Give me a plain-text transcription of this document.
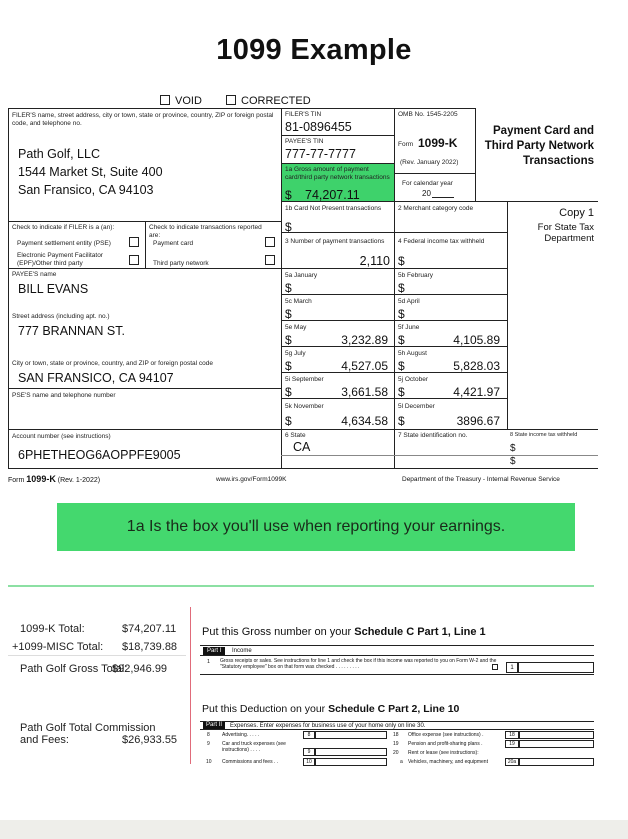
1099 Example
VOID	CORRECTED
FILER'S name, street address, city or town, state or province, country, ZIP or foreign postal code, and telephone no.
Path Golf, LLC
1544 Market St, Suite 400
San Fransico, CA 94103
FILER'S TIN
81-0896455
PAYEE'S TIN
777-77-7777
1a Gross amount of payment card/third party network transactions
$ 74,207.11
OMB No. 1545-2205
Form 1099-K
(Rev. January 2022)
For calendar year
20
Payment Card and Third Party Network Transactions
Copy 1
For State Tax Department
Check to indicate if FILER is a (an):
Payment settlement entity (PSE)
Electronic Payment Facilitator (EPF)/Other third party
Check to indicate transactions reported are:
Payment card
Third party network
1b Card Not Present transactions
$
2 Merchant category code
3 Number of payment transactions
2,110
4 Federal income tax withheld
$
PAYEE'S name
BILL EVANS
Street address (including apt. no.)
777 BRANNAN ST.
City or town, state or province, country, and ZIP or foreign postal code
SAN FRANSICO, CA 94107
PSE'S name and telephone number
Account number (see instructions)
6PHETHEOG6AOPPFE9005
5a January
$
5b February
$
5c March
$
5d April
$
5e May
$	3,232.89
5f June
$	4,105.89
5g July
$	4,527.05
5h August
$	5,828.03
5i September
$	3,661.58
5j October
$	4,421.97
5k November
$	4,634.58
5l December
$	3896.67
6 State
CA
7 State identification no.	8 State income tax withheld
$
$
Form 1099-K (Rev. 1-2022)	www.irs.gov/Form1099K	Department of the Treasury - Internal Revenue Service
1a Is the box you'll use when reporting your earnings.
1099-K Total:	$74,207.11
+1099-MISC Total: $18,739.88
Path Golf Gross Total:
$92,946.99
Path Golf Total Commission and Fees:	$26,933.55
Put this Gross number on your Schedule C Part 1, Line 1
Part I	Income
1 Gross receipts or sales. See instructions for line 1 and check the box if this income was reported to you on Form W-2 and the "Statutory employee" box on that form was checked . . . . . . . . .	1
Put this Deduction on your Schedule C Part 2, Line 10
Part II	Expenses. Enter expenses for business use of your home only on line 30.
8 Advertising. . . . .	8
9 Car and truck expenses (see instructions) . . . .	9
10 Commissions and fees . .	10
18 Office expense (see instructions) .	18
19 Pension and profit-sharing plans .	19
20 Rent or lease (see instructions):
a Vehicles, machinery, and equipment	20a
